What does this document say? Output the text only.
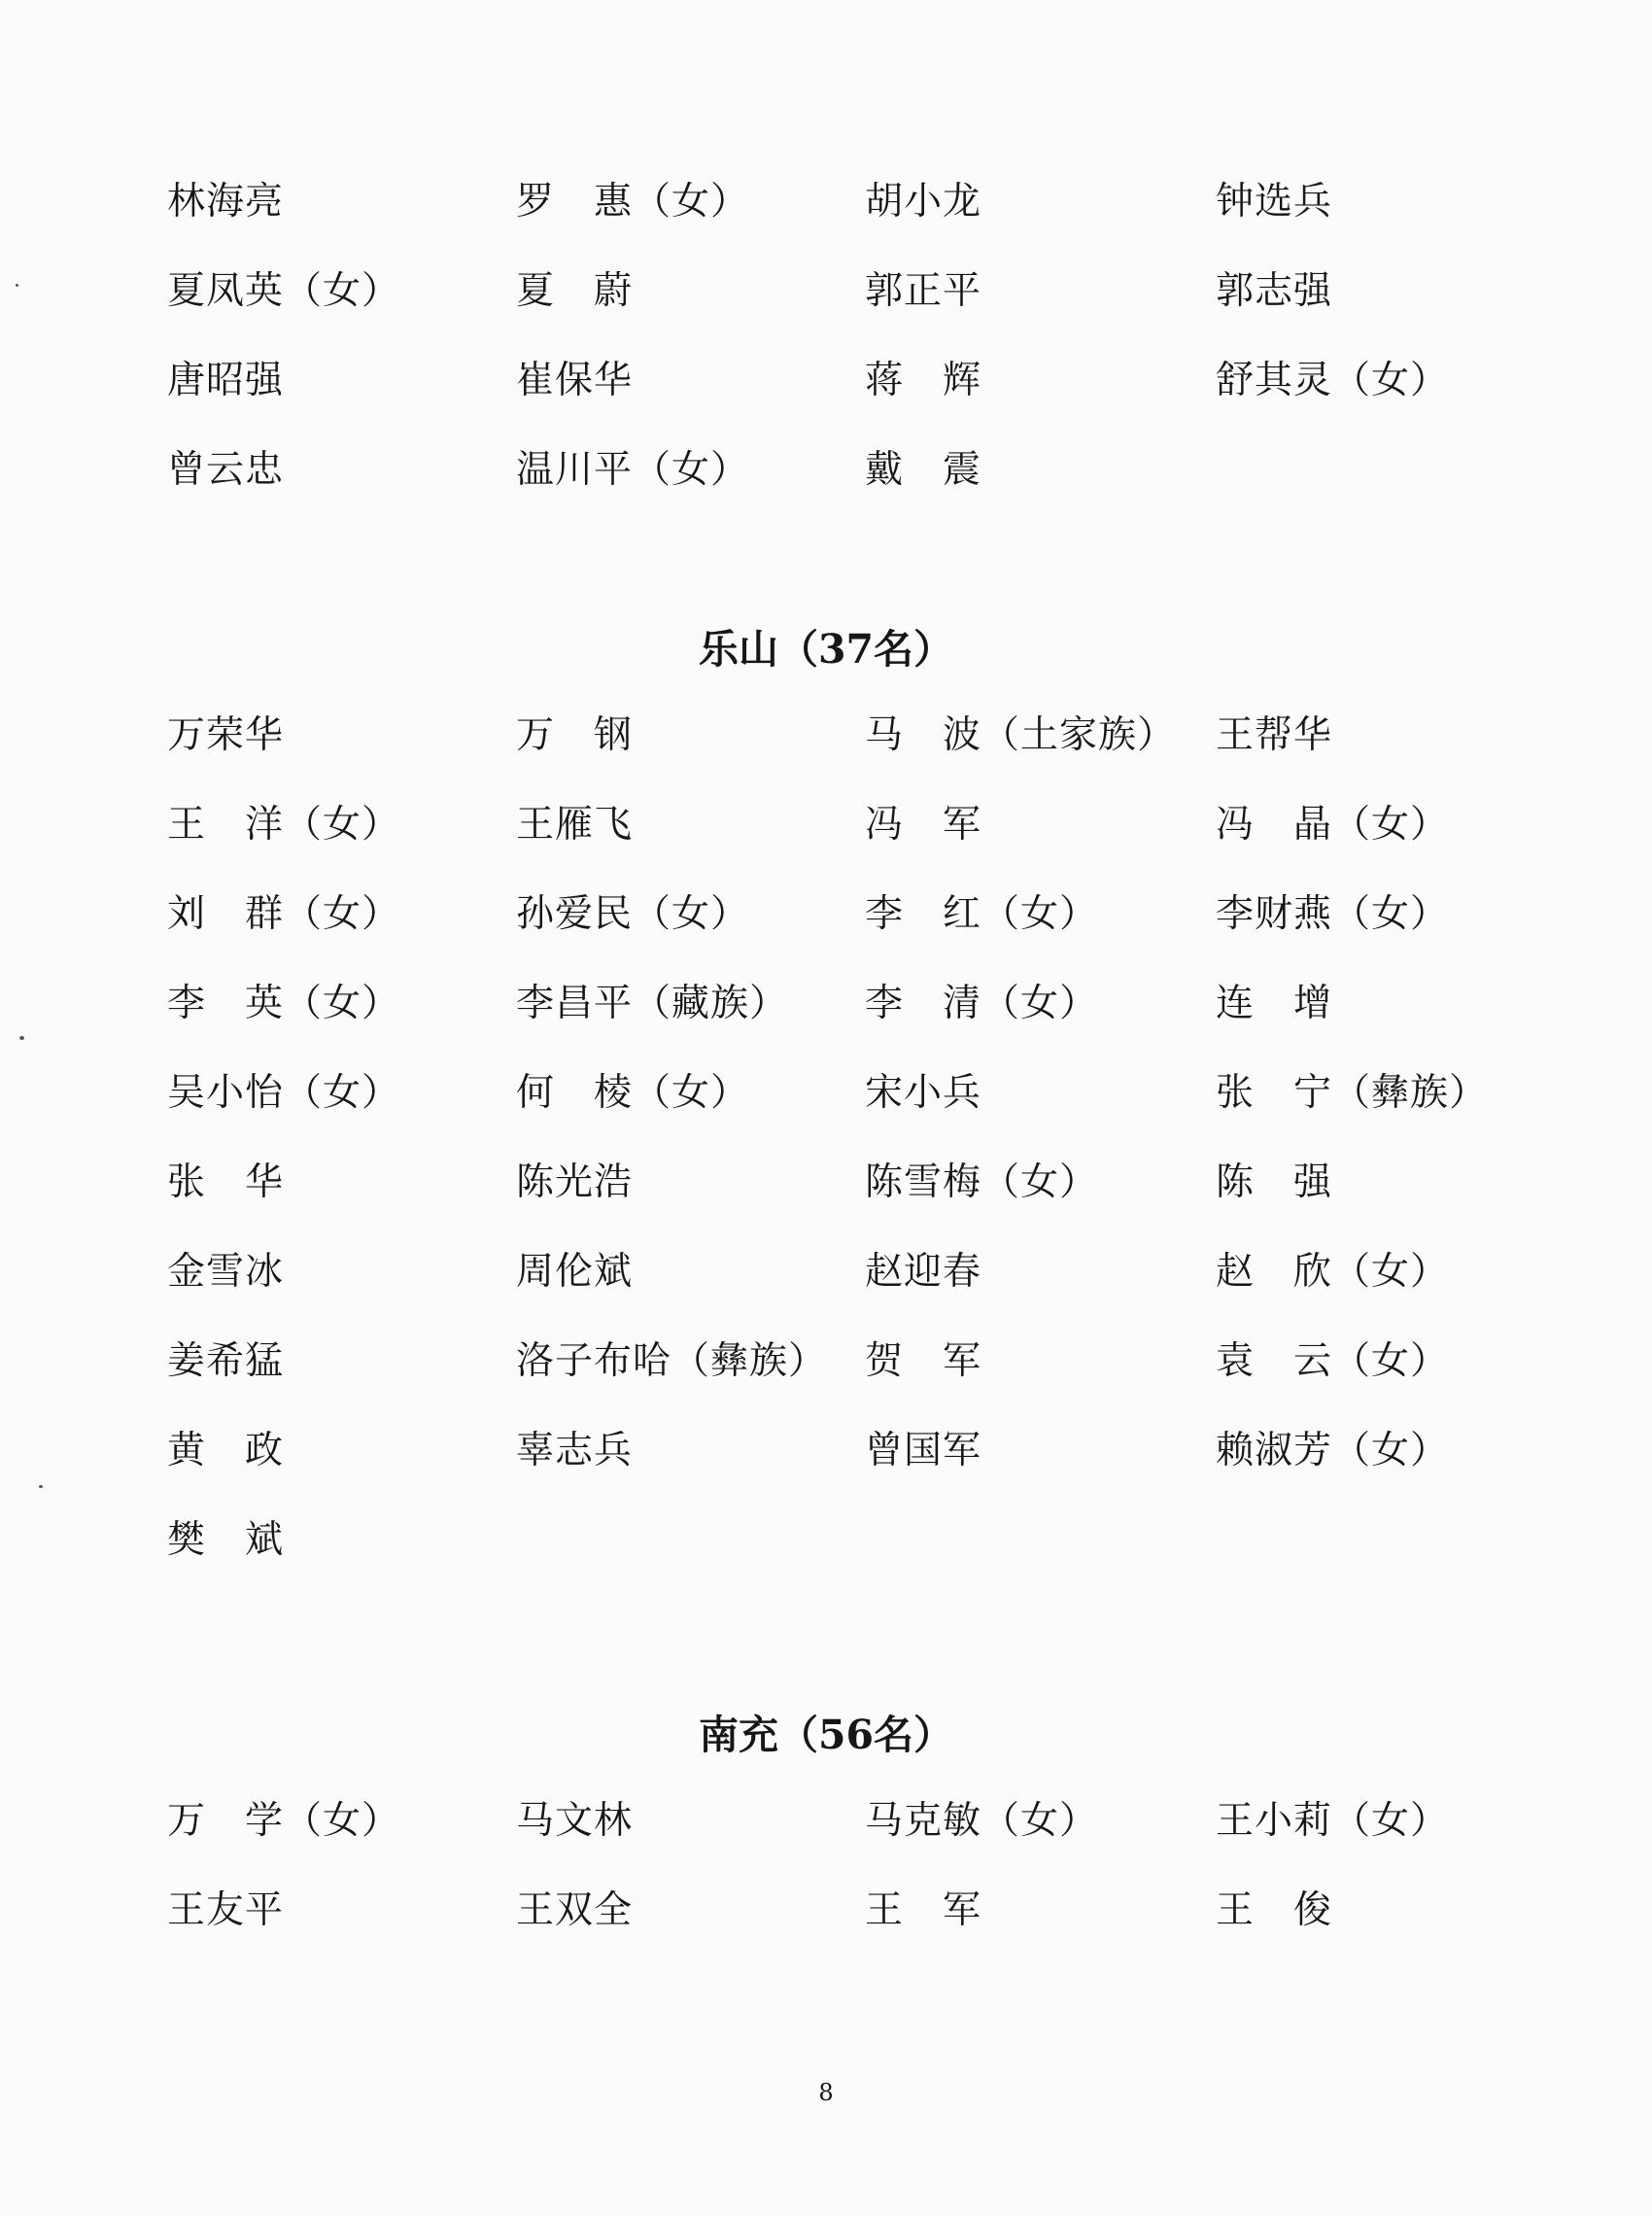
林海亮	罗　惠（女）	胡小龙	钟选兵
夏凤英（女）	夏　蔚	郭正平	郭志强
唐昭强	崔保华	蒋　辉	舒其灵（女）
曾云忠	温川平（女）	戴　震
乐山（37名）
万荣华	万　钢	马　波（土家族）	王帮华
王　洋（女）	王雁飞	冯　军	冯　晶（女）
刘　群（女）	孙爱民（女）	李　红（女）	李财燕（女）
李　英（女）	李昌平（藏族）	李　清（女）	连　增
吴小怡（女）	何　棱（女）	宋小兵	张　宁（彝族）
张　华	陈光浩	陈雪梅（女）	陈　强
金雪冰	周伦斌	赵迎春	赵　欣（女）
姜希猛	洛子布哈（彝族） 贺　军	袁　云（女）
黄　政	辜志兵	曾国军	赖淑芳（女）
樊　斌
南充（56名）
万　学（女）	马文林	马克敏（女）	王小莉（女）
王友平	王双全	王　军	王　俊
8
